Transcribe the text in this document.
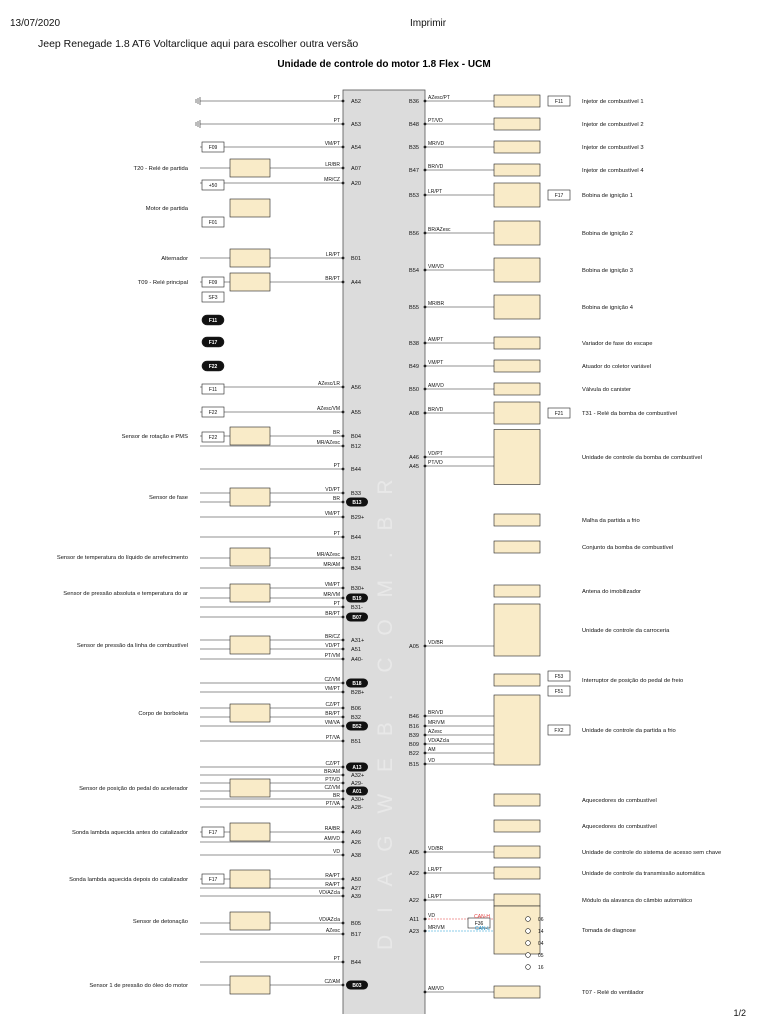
13/07/2020	Imprimir
Jeep Renegade 1.8 AT6 Voltarclique aqui para escolher outra versão
Unidade de controle do motor 1.8 Flex - UCM
D I A G W E B . C O M . B R
PT
A52
PT
A53
VM/PT
A54
LR/BR
A07
MR/CZ
A20
LR/PT
B01
BR/PT
A44
AZesc/LR
A56
AZesc/VM
A55
BR
B04
MR/AZesc
B12
PT
B44
VD/PT
B33
BR
B13
VM/PT
B29+
PT
B44
MR/AZesc
B21
MR/AM
B34
VM/PT
B30+
MR/VM
B19
PT
B31-
BR/PT
B07
BR/CZ
A31+
VD/PT
A51
PT/VM
A40-
CZ/VM
B18
VM/PT
B28+
CZ/PT
B06
BR/PT
B32
VM/VA
B52
PT/VA
B51
CZ/PT
A13
BR/AM
A32+
PT/VD
A29-
CZ/VM
A01
BR
A30+
PT/VA
A28-
RA/BR
A49
AM/VD
A26
VD
A38
RA/PT
A50
RA/PT
A27
VD/AZcla
A39
VD/AZcla
B05
AZesc
B17
PT
B44
CZ/AM
B03
B36
AZesc/PT
B48
PT/VD
B35
MR/VD
B47
BR/VD
B53
LR/PT
B56
BR/AZesc
B54
VM/VD
B55
MR/BR
B38
AM/PT
B49
VM/PT
B50
AM/VD
A08
BR/VD
A46
VD/PT
A45
PT/VD
A05
VD/BR
B46
BR/VD
B16
MR/VM
B39
AZesc
B09
VD/AZcla
B22
AM
B15
VD
A05
VD/BR
A22
LR/PT
A22
LR/PT
A11
VD
A23
MR/VM
AM/VD
Injetor de combustível 1
Injetor de combustível 2
Injetor de combustível 3
Injetor de combustível 4
Bobina de ignição 1
Bobina de ignição 2
Bobina de ignição 3
Bobina de ignição 4
Variador de fase do escape
Atuador do coletor variável
Válvula do canister
T31 - Relé da bomba de combustível
Unidade de controle da bomba de combustível
Malha da partida a frio
Conjunto da bomba de combustível
Antena do imobilizador
Unidade de controle da carroceria
Interruptor de posição do pedal de freio
Unidade de controle da partida a frio
Aquecedores do combustível
Aquecedores do combustível
Unidade de controle do sistema de acesso sem chave
Unidade de controle da transmissão automática
Módulo da alavanca do câmbio automático
Tomada de diagnose
T07 - Relé do ventilador
T20 - Relé de partida
Motor de partida
Alternador
T09 - Relé principal
Sensor de rotação e PMS
Sensor de fase
Sensor de temperatura do líquido de arrefecimento
Sensor de pressão absoluta e temperatura do ar
Sensor de pressão da linha de combustível
Corpo de borboleta
Sensor de posição do pedal do acelerador
Sonda lambda aquecida antes do catalizador
Sonda lambda aquecida depois do catalizador
Sensor de detonação
Sensor 1 de pressão do óleo do motor
F09
+50
F01
F09
SF3
F11
F17
F22
F11
F22
F22
F17
F17
F11
F17
F21
F53
F51
FX2
F36
CAN-H
CAN-L
06
14
04
05
16
1/2
